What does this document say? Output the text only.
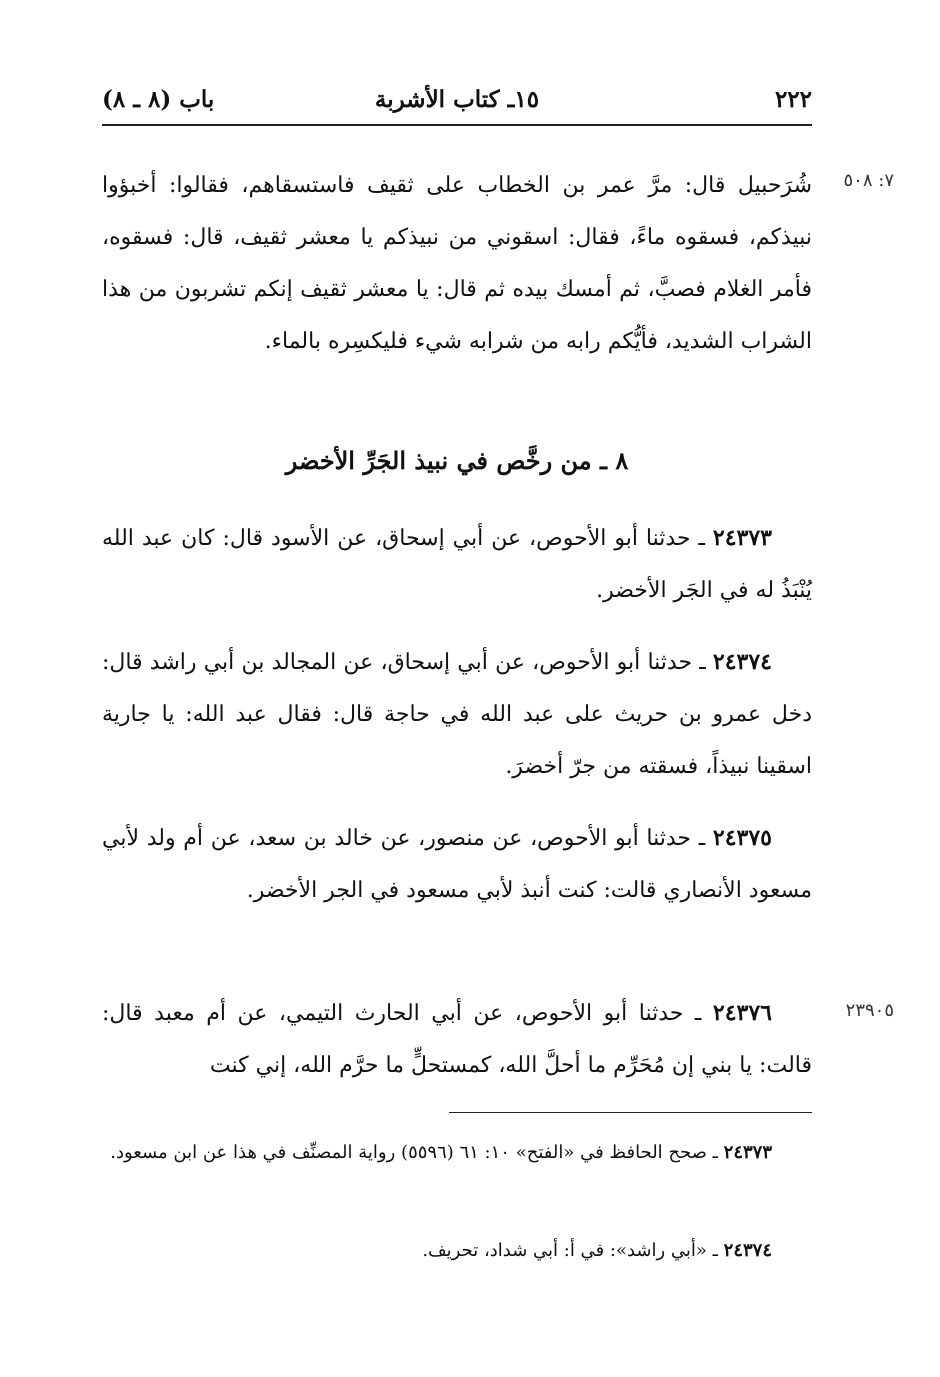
٢٢٢
١٥ـ كتاب الأشربة
باب (٨ ـ ٨)
٧: ٥٠٨
شُرَحبيل قال: مرَّ عمر بن الخطاب على ثقيف فاستسقاهم، فقالوا: أخبؤوا نبيذكم، فسقوه ماءً، فقال: اسقوني من نبيذكم يا معشر ثقيف، قال: فسقوه، فأمر الغلام فصبَّ، ثم أمسك بيده ثم قال: يا معشر ثقيف إنكم تشربون من هذا الشراب الشديد، فأيُّكم رابه من شرابه شيء فليكسِره بالماء.
٨ ـ من رخَّص في نبيذ الجَرِّ الأخضر
٢٤٣٧٣ ـ حدثنا أبو الأحوص، عن أبي إسحاق، عن الأسود قال: كان عبد الله يُنْبَذُ له في الجَر الأخضر.
٢٤٣٧٤ ـ حدثنا أبو الأحوص، عن أبي إسحاق، عن المجالد بن أبي راشد قال: دخل عمرو بن حريث على عبد الله في حاجة قال: فقال عبد الله: يا جارية اسقينا نبيذاً، فسقته من جرّ أخضرَ.
٢٤٣٧٥ ـ حدثنا أبو الأحوص، عن منصور، عن خالد بن سعد، عن أم ولد لأبي مسعود الأنصاري قالت: كنت أنبذ لأبي مسعود في الجر الأخضر.
٢٣٩٠٥
٢٤٣٧٦ ـ حدثنا أبو الأحوص، عن أبي الحارث التيمي، عن أم معبد قال: قالت: يا بني إن مُحَرِّم ما أحلَّ الله، كمستحلٍّ ما حرَّم الله، إني كنت
٢٤٣٧٣ ـ صحح الحافظ في «الفتح» ١٠: ٦١ (٥٥٩٦) رواية المصنِّف في هذا عن ابن مسعود.
٢٤٣٧٤ ـ «أبي راشد»: في أ: أبي شداد، تحريف.
